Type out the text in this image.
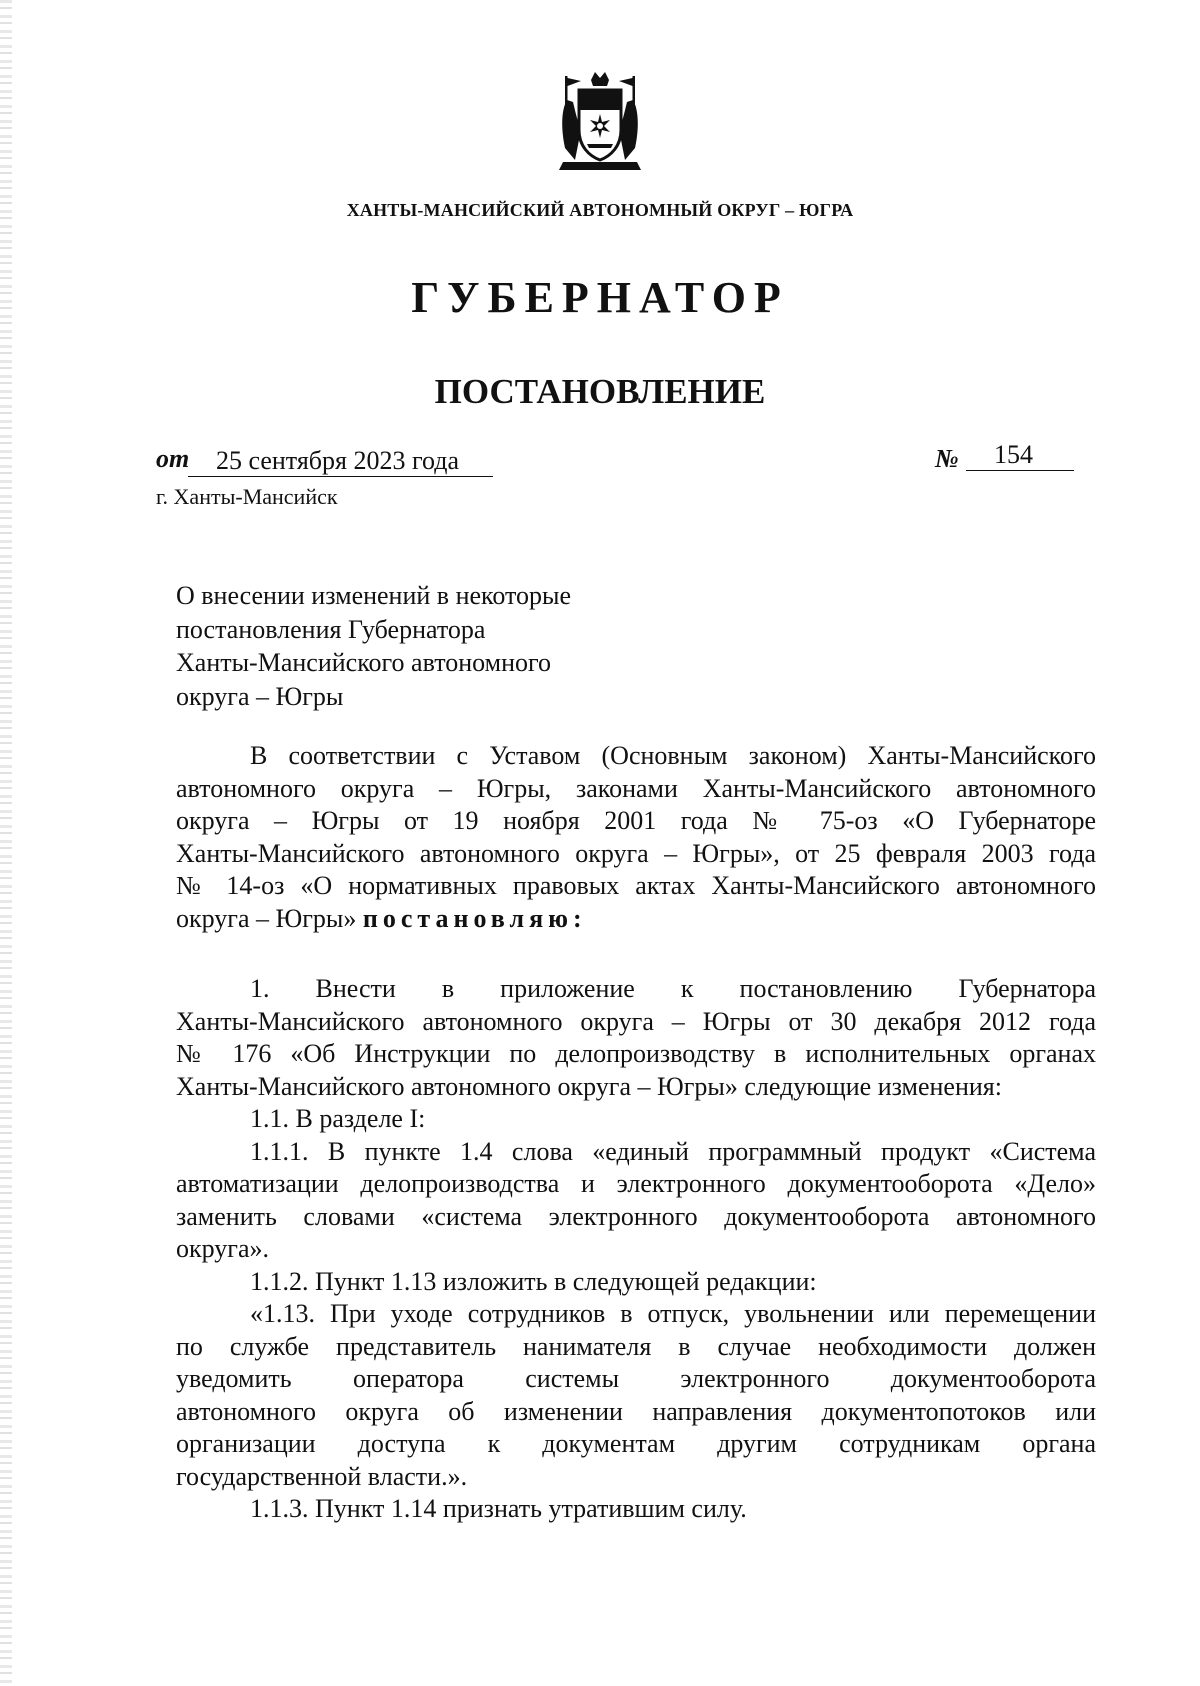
ХАНТЫ-МАНСИЙСКИЙ АВТОНОМНЫЙ ОКРУГ – ЮГРА
ГУБЕРНАТОР
ПОСТАНОВЛЕНИЕ
от	25 сентября 2023 года	№	154
г. Ханты-Мансийск
О внесении изменений в некоторые
постановления Губернатора
Ханты-Мансийского автономного
округа – Югры
В соответствии с Уставом (Основным законом) Ханты-Мансийского
автономного округа – Югры, законами Ханты-Мансийского автономного
округа – Югры от 19 ноября 2001 года № 75-оз «О Губернаторе
Ханты-Мансийского автономного округа – Югры», от 25 февраля 2003 года
№ 14-оз «О нормативных правовых актах Ханты-Мансийского автономного
округа – Югры» постановляю:
1. Внести в приложение к постановлению Губернатора
Ханты-Мансийского автономного округа – Югры от 30 декабря 2012 года
№ 176 «Об Инструкции по делопроизводству в исполнительных органах
Ханты-Мансийского автономного округа – Югры» следующие изменения:
1.1. В разделе I:
1.1.1. В пункте 1.4 слова «единый программный продукт «Система
автоматизации делопроизводства и электронного документооборота «Дело»
заменить словами «система электронного документооборота автономного
округа».
1.1.2. Пункт 1.13 изложить в следующей редакции:
«1.13. При уходе сотрудников в отпуск, увольнении или перемещении
по службе представитель нанимателя в случае необходимости должен
уведомить оператора системы электронного документооборота
автономного округа об изменении направления документопотоков или
организации доступа к документам другим сотрудникам органа
государственной власти.».
1.1.3. Пункт 1.14 признать утратившим силу.
